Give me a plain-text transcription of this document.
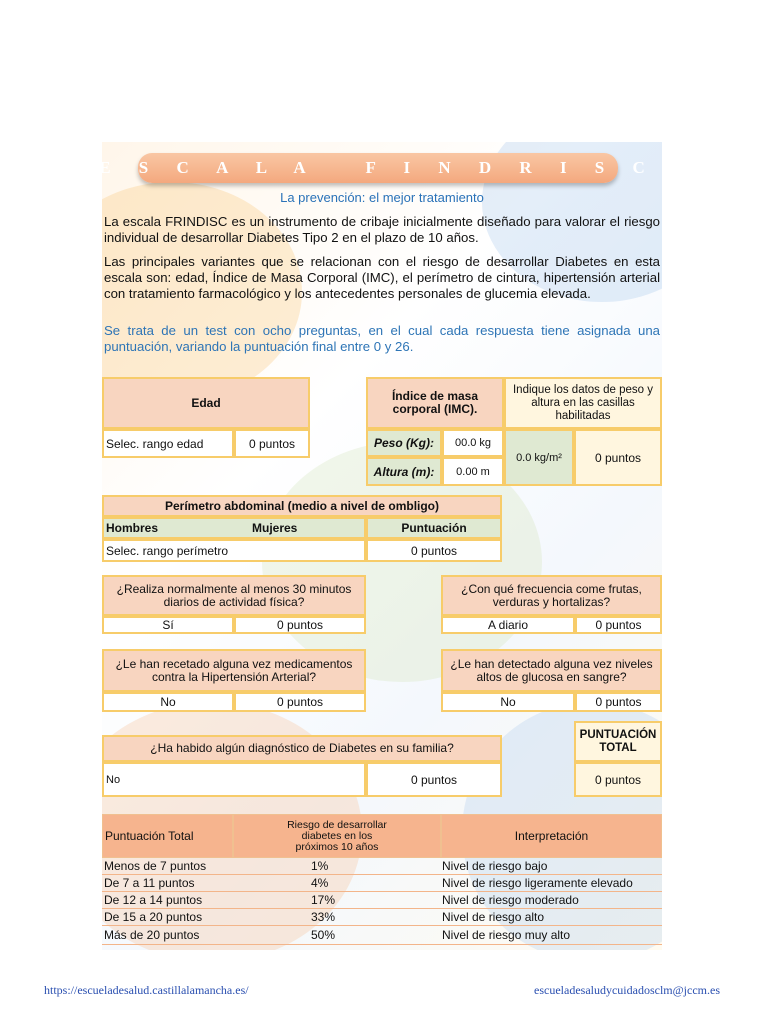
E S C A L A   F I N D R I S C
La prevención: el mejor tratamiento
La escala FRINDISC es un instrumento de cribaje inicialmente diseñado para valorar el riesgo individual de desarrollar Diabetes Tipo 2 en el plazo de 10 años.
Las principales variantes que se relacionan con el riesgo de desarrollar Diabetes en esta escala son: edad, Índice de Masa Corporal (IMC), el perímetro de cintura, hipertensión arterial con tratamiento farmacológico y los antecedentes personales de glucemia elevada.
Se trata de un test con ocho preguntas, en el cual cada respuesta tiene asignada una puntuación, variando la puntuación final entre 0 y 26.
Edad
Selec. rango edad	0 puntos
Índice de masa corporal (IMC).
Indique los datos de peso y altura en las casillas habilitadas
Peso (Kg):	00.0 kg
Altura (m):	0.00 m
0.0 kg/m²	0 puntos
Perímetro abdominal (medio a nivel de ombligo)
Hombres	Mujeres	Puntuación
Selec. rango perímetro	0 puntos
¿Realiza normalmente al menos 30 minutos diarios de actividad física?
Sí	0 puntos
¿Con qué frecuencia come frutas, verduras y hortalizas?
A diario	0 puntos
¿Le han recetado alguna vez medicamentos contra la Hipertensión Arterial?
No	0 puntos
¿Le han detectado alguna vez niveles altos de glucosa en sangre?
No	0 puntos
¿Ha habido algún diagnóstico de Diabetes en su familia?
No	0 puntos
PUNTUACIÓN TOTAL
0 puntos
Puntuación Total
Riesgo de desarrollar diabetes en los próximos 10 años
Interpretación
Menos de 7 puntos	1%	Nivel de riesgo bajo
De 7 a 11 puntos	4%	Nivel de riesgo ligeramente elevado
De 12 a 14 puntos	17%	Nivel de riesgo moderado
De 15 a 20 puntos	33%	Nivel de riesgo alto
Más de 20 puntos	50%	Nivel de riesgo muy alto
https://escueladesalud.castillalamancha.es/	escueladesaludycuidadosclm@jccm.es
